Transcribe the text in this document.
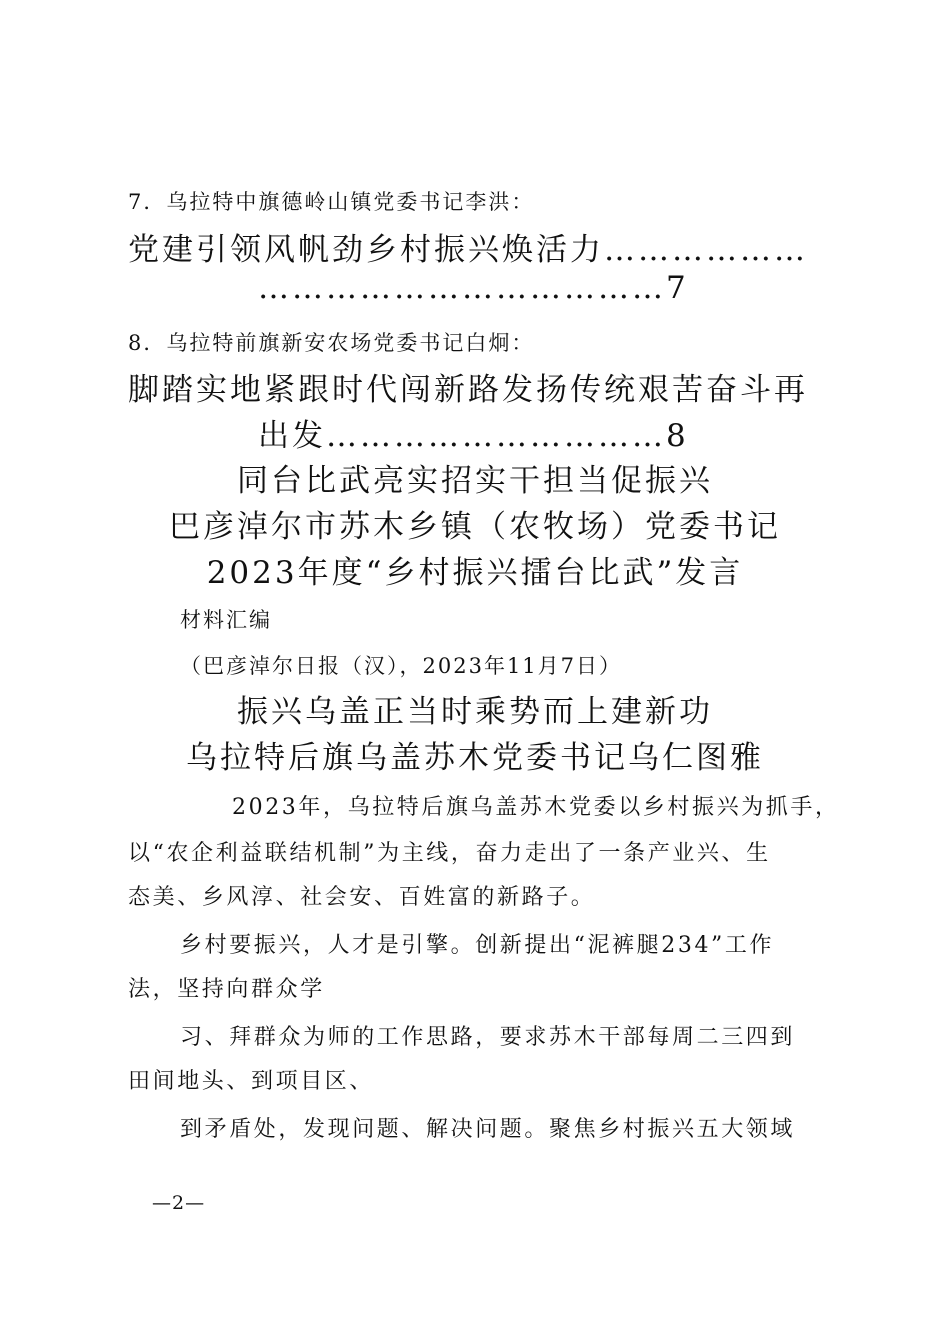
7．乌拉特中旗德岭山镇党委书记李洪：
党建引领风帆劲乡村振兴焕活力………………
………………………………7
8．乌拉特前旗新安农场党委书记白炯：
脚踏实地紧跟时代闯新路发扬传统艰苦奋斗再
出发…………………………8
同台比武亮实招实干担当促振兴
巴彦淖尔市苏木乡镇（农牧场）党委书记
2023年度“乡村振兴擂台比武”发言
材料汇编
（巴彦淖尔日报（汉），2023年11月7日）
振兴乌盖正当时乘势而上建新功
乌拉特后旗乌盖苏木党委书记乌仁图雅
2023年，乌拉特后旗乌盖苏木党委以乡村振兴为抓手，
以“农企利益联结机制”为主线，奋力走出了一条产业兴、生
态美、乡风淳、社会安、百姓富的新路子。
乡村要振兴，人才是引擎。创新提出“泥裤腿234”工作
法，坚持向群众学
习、拜群众为师的工作思路，要求苏木干部每周二三四到
田间地头、到项目区、
到矛盾处，发现问题、解决问题。聚焦乡村振兴五大领域
—2—
